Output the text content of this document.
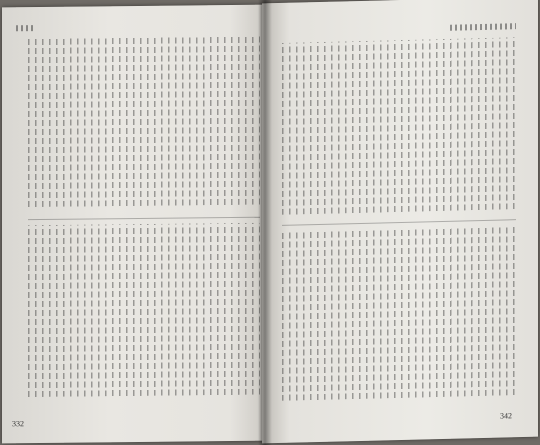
332
342
